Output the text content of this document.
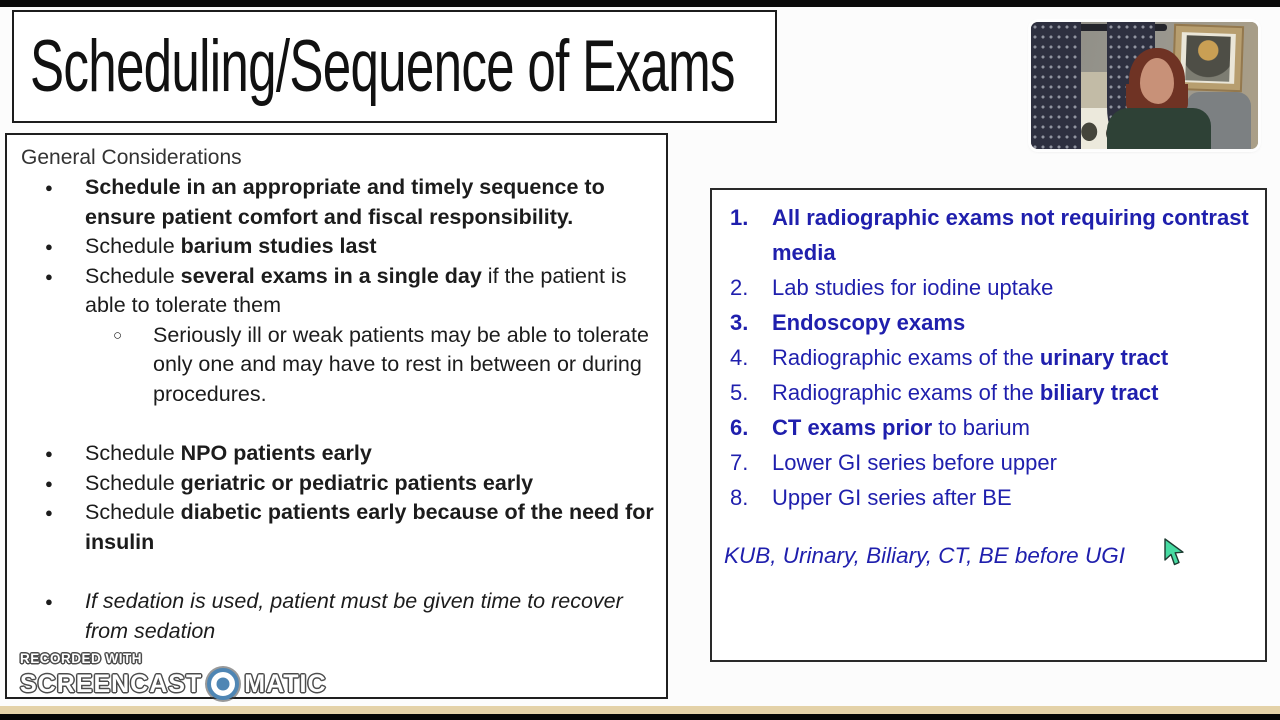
Scheduling/Sequence of Exams
General Considerations
●	Schedule in an appropriate and timely sequence to ensure patient comfort and fiscal responsibility.
●	Schedule barium studies last
●	Schedule several exams in a single day if the patient is able to tolerate them
○	Seriously ill or weak patients may be able to tolerate only one and may have to rest in between or during procedures.
●	Schedule NPO patients early
●	Schedule geriatric or pediatric patients early
●	Schedule diabetic patients early because of the need for insulin
●	If sedation is used, patient must be given time to recover from sedation
1.	All radiographic exams not requiring contrast media
2.	Lab studies for iodine uptake
3.	Endoscopy exams
4.	Radiographic exams of the urinary tract
5.	Radiographic exams of the biliary tract
6.	CT exams prior to barium
7.	Lower GI series before upper
8.	Upper GI series after BE
KUB, Urinary, Biliary, CT, BE before UGI
RECORDED WITH
SCREENCAST MATIC
